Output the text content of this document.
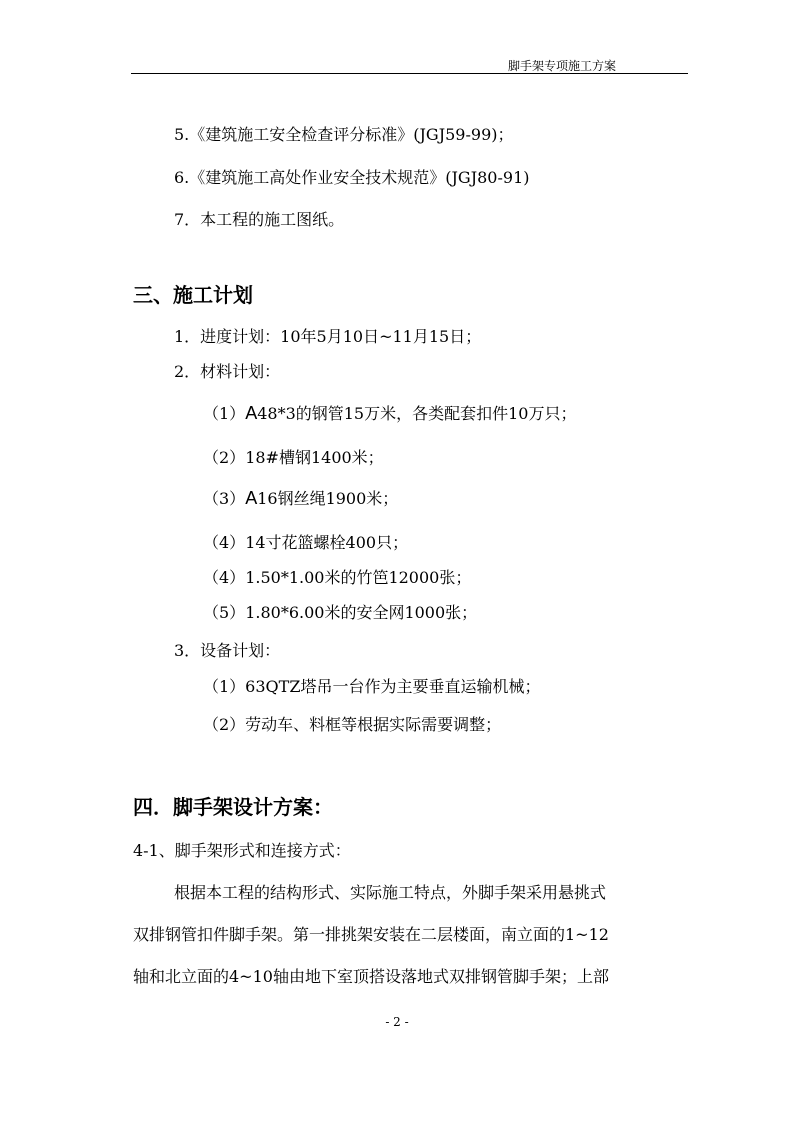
脚手架专项施工方案
5.《建筑施工安全检查评分标准》(JGJ59-99)；
6.《建筑施工高处作业安全技术规范》(JGJ80-91)
7．本工程的施工图纸。
三、施工计划
1．进度计划：10年5月10日~11月15日；
2．材料计划：
（1）A48*3的钢管15万米，各类配套扣件10万只；
（2）18#槽钢1400米；
（3）A16钢丝绳1900米；
（4）14寸花篮螺栓400只；
（4）1.50*1.00米的竹笆12000张；
（5）1.80*6.00米的安全网1000张；
3．设备计划：
（1）63QTZ塔吊一台作为主要垂直运输机械；
（2）劳动车、料框等根据实际需要调整；
四．脚手架设计方案：
4-1、脚手架形式和连接方式：
根据本工程的结构形式、实际施工特点，外脚手架采用悬挑式
双排钢管扣件脚手架。第一排挑架安装在二层楼面，南立面的1~12
轴和北立面的4~10轴由地下室顶搭设落地式双排钢管脚手架；上部
- 2 -
